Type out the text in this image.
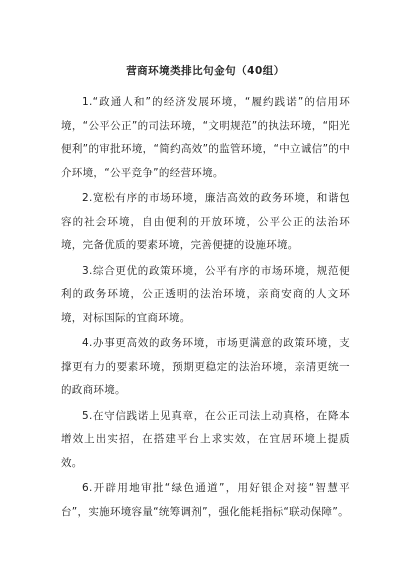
营商环境类排比句金句（40组）

1.“政通人和”的经济发展环境，“履约践诺”的信用环境，“公平公正”的司法环境，“文明规范”的执法环境，“阳光便利”的审批环境，“简约高效”的监管环境，“中立诚信”的中介环境，“公平竞争”的经营环境。

2.宽松有序的市场环境，廉洁高效的政务环境，和谐包容的社会环境，自由便利的开放环境，公平公正的法治环境，完备优质的要素环境，完善便捷的设施环境。

3.综合更优的政策环境，公平有序的市场环境，规范便利的政务环境，公正透明的法治环境，亲商安商的人文环境，对标国际的宜商环境。

4.办事更高效的政务环境，市场更满意的政策环境，支撑更有力的要素环境，预期更稳定的法治环境，亲清更统一的政商环境。

5.在守信践诺上见真章，在公正司法上动真格，在降本增效上出实招，在搭建平台上求实效，在宜居环境上提质效。

6.开辟用地审批“绿色通道”，用好银企对接“智慧平台”，实施环境容量“统筹调剂”，强化能耗指标“联动保障”。
